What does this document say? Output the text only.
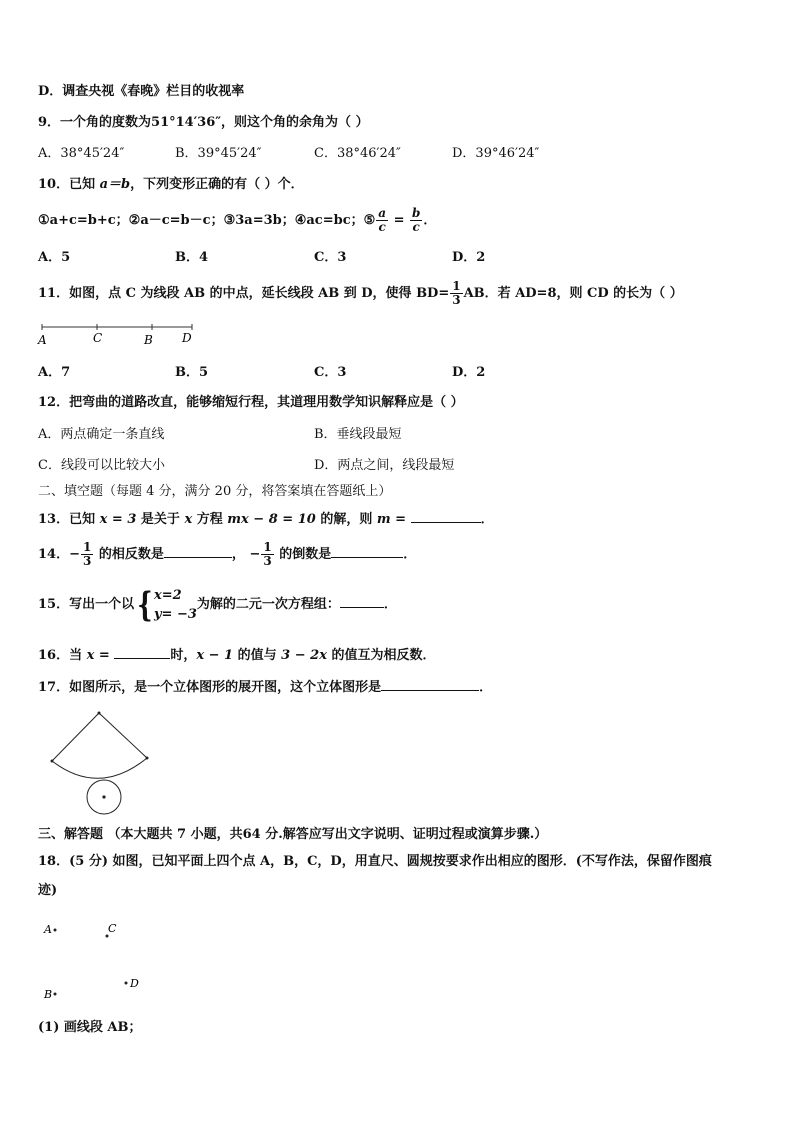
D．调查央视《春晚》栏目的收视率
9．一个角的度数为51°14′36″，则这个角的余角为（ ）
A．38°45′24″	B．39°45′24″	C．38°46′24″	D．39°46′24″
10．已知 a＝b，下列变形正确的有（ ）个．
①a+c=b+c；②a－c=b－c；③3a=3b；④ac=bc；⑤ $\frac{a}{c} = \frac{b}{c}$ ．
A．5	B．4	C．3	D．2
11．如图，点 C 为线段 AB 的中点，延长线段 AB 到 D，使得 $BD= \frac{1}{3}$ AB．若 AD=8，则 CD 的长为（ ）
A	C	B D
A．7	B．5	C．3	D．2
12．把弯曲的道路改直，能够缩短行程，其道理用数学知识解释应是（ ）
A．两点确定一条直线	B．垂线段最短
C．线段可以比较大小	D．两点之间，线段最短
二、填空题（每题 4 分，满分 20 分，将答案填在答题纸上）
13．已知 x = 3 是关于 x 方程 mx − 8 = 10 的解，则 m =	．
14．− $\frac{1}{3}$ 的相反数是	， − $\frac{1}{3}$ 的倒数是	．
15．写出一个以{ x=2
y= −3
为解的二元一次方程组：	．
16．当 x =	时，x − 1 的值与 3 − 2x 的值互为相反数．
17．如图所示，是一个立体图形的展开图，这个立体图形是	．
三、解答题 （本大题共 7 小题，共64 分.解答应写出文字说明、证明过程或演算步骤.）
18．(5 分) 如图，已知平面上四个点 A，B，C，D，用直尺、圆规按要求作出相应的图形．(不写作法，保留作图痕
迹)
A	C
D
B
(1) 画线段 AB；
